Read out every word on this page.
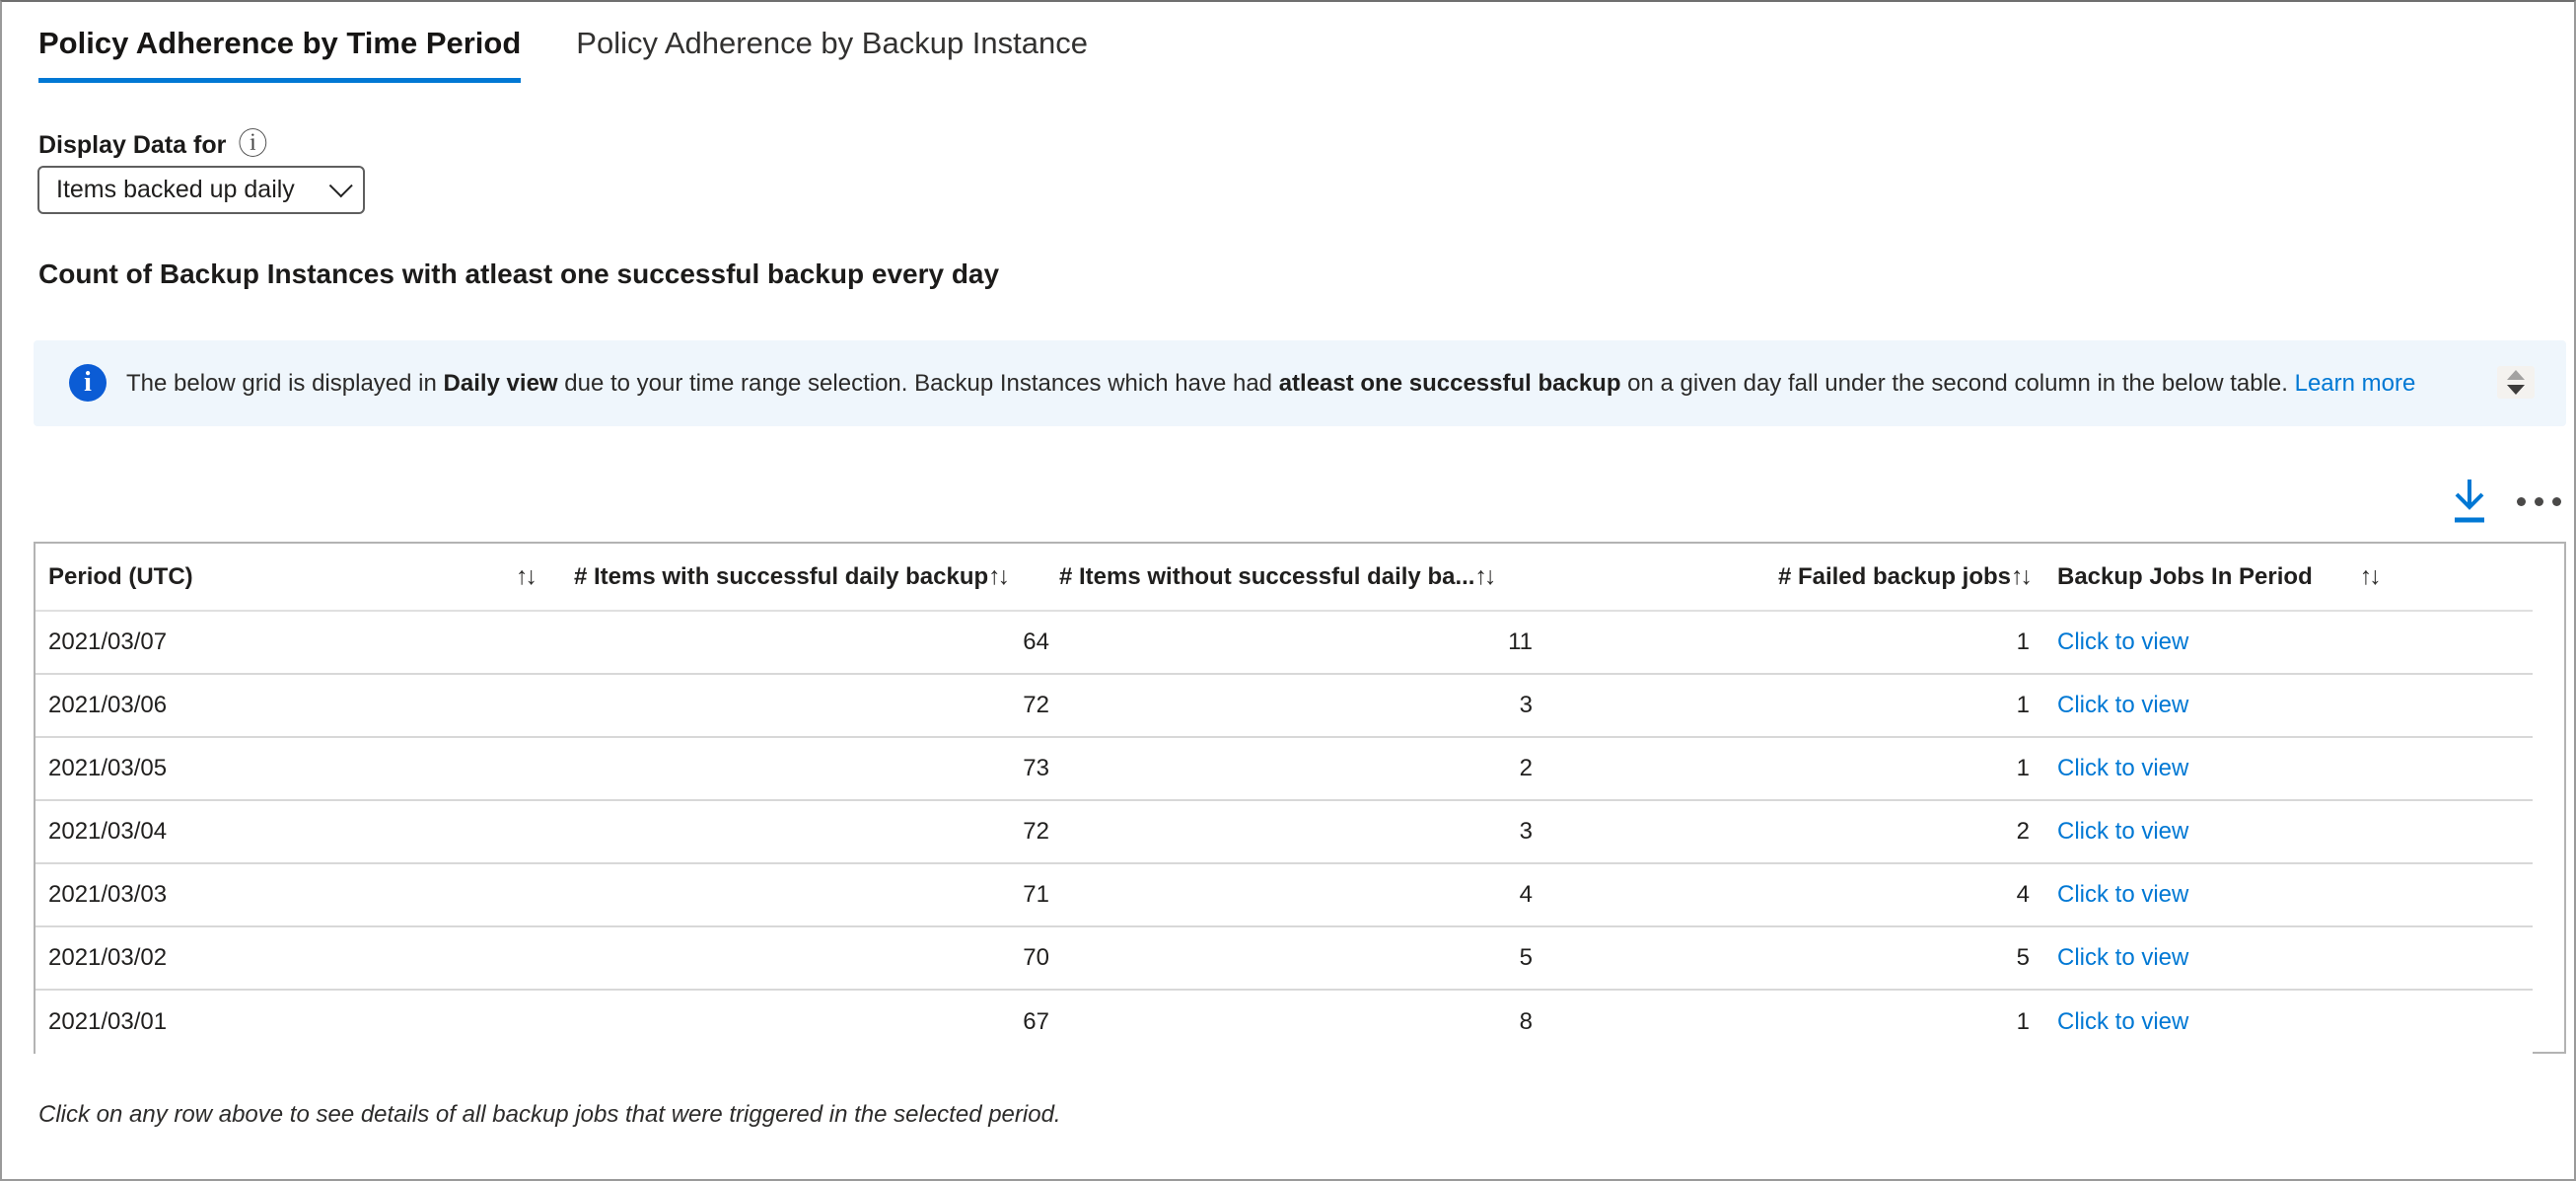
Policy Adherence by Time Period Policy Adherence by Backup Instance
Display Data for ⓘ
Items backed up daily
Count of Backup Instances with atleast one successful backup every day
i The below grid is displayed in Daily view due to your time range selection. Backup Instances which have had atleast one successful backup on a given day fall under the second column in the below table. Learn more
Period (UTC)	↑↓ # Items with successful daily backup ↑↓ # Items without successful daily ba... ↑↓	# Failed backup jobs ↑↓ Backup Jobs In Period ↑↓
2021/03/07	64	11	1	Click to view
2021/03/06	72	3	1	Click to view
2021/03/05	73	2	1	Click to view
2021/03/04	72	3	2	Click to view
2021/03/03	71	4	4	Click to view
2021/03/02	70	5	5	Click to view
2021/03/01	67	8	1	Click to view
Click on any row above to see details of all backup jobs that were triggered in the selected period.
